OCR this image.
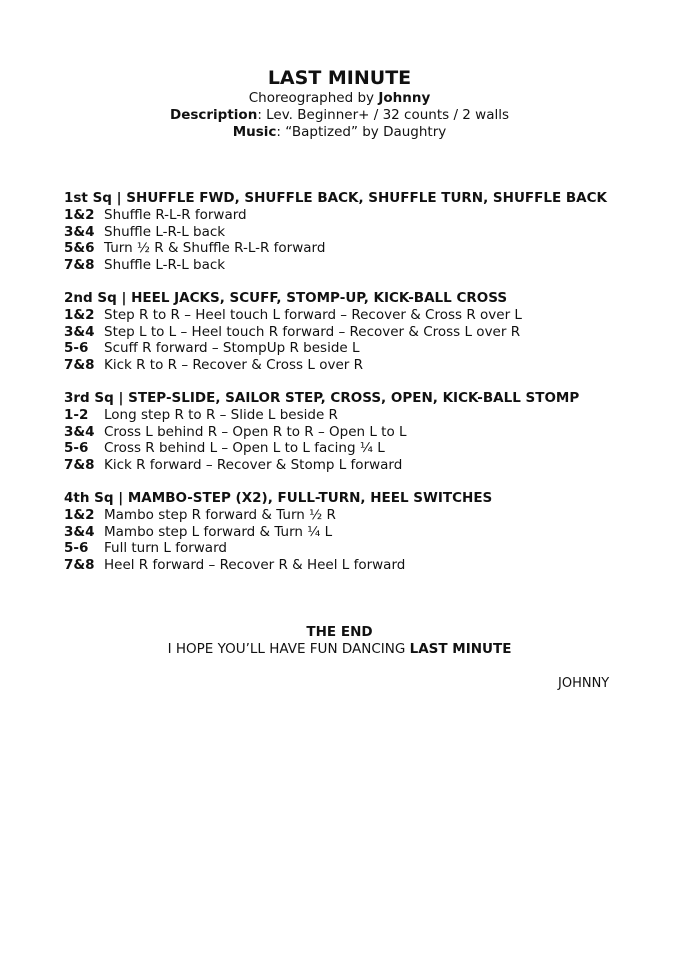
LAST MINUTE
Choreographed by Johnny
Description: Lev. Beginner+ / 32 counts / 2 walls
Music: “Baptized” by Daughtry
1st Sq | SHUFFLE FWD, SHUFFLE BACK, SHUFFLE TURN, SHUFFLE BACK
1&2 Shuffle R-L-R forward
3&4 Shuffle L-R-L back
5&6 Turn ½ R & Shuffle R-L-R forward
7&8 Shuffle L-R-L back
2nd Sq | HEEL JACKS, SCUFF, STOMP-UP, KICK-BALL CROSS
1&2 Step R to R – Heel touch L forward – Recover & Cross R over L
3&4 Step L to L – Heel touch R forward – Recover & Cross L over R
5-6 Scuff R forward – StompUp R beside L
7&8 Kick R to R – Recover & Cross L over R
3rd Sq | STEP-SLIDE, SAILOR STEP, CROSS, OPEN, KICK-BALL STOMP
1-2 Long step R to R – Slide L beside R
3&4 Cross L behind R – Open R to R – Open L to L
5-6 Cross R behind L – Open L to L facing ¼ L
7&8 Kick R forward – Recover & Stomp L forward
4th Sq | MAMBO-STEP (X2), FULL-TURN, HEEL SWITCHES
1&2 Mambo step R forward & Turn ½ R
3&4 Mambo step L forward & Turn ¼ L
5-6 Full turn L forward
7&8 Heel R forward – Recover R & Heel L forward
THE END
I HOPE YOU’LL HAVE FUN DANCING LAST MINUTE
JOHNNY
